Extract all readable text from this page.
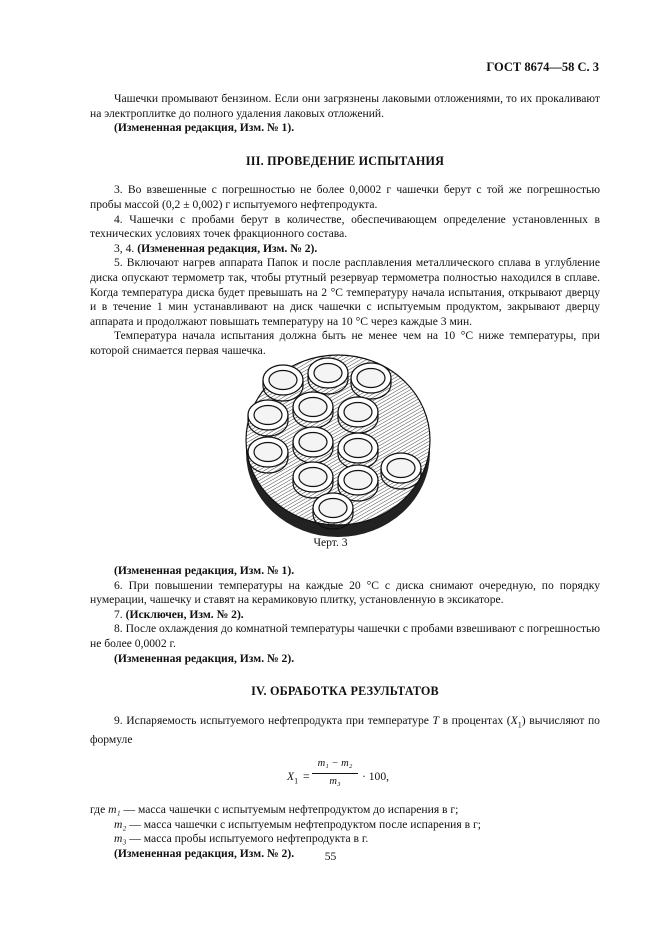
ГОСТ 8674—58 С. 3

Чашечки промывают бензином. Если они загрязнены лаковыми отложениями, то их прокаливают на электроплитке до полного удаления лаковых отложений.

(Измененная редакция, Изм. № 1).

III. ПРОВЕДЕНИЕ ИСПЫТАНИЯ

3. Во взвешенные с погрешностью не более 0,0002 г чашечки берут с той же погрешностью пробы массой (0,2 ± 0,002) г испытуемого нефтепродукта.

4. Чашечки с пробами берут в количестве, обеспечивающем определение установленных в технических условиях точек фракционного состава.

3, 4. (Измененная редакция, Изм. № 2).

5. Включают нагрев аппарата Папок и после расплавления металлического сплава в углубление диска опускают термометр так, чтобы ртутный резервуар термометра полностью находился в сплаве. Когда температура диска будет превышать на 2 °С температуру начала испытания, открывают дверцу и в течение 1 мин устанавливают на диск чашечки с испытуемым продуктом, закрывают дверцу аппарата и продолжают повышать температуру на 10 °С через каждые 3 мин.

Температура начала испытания должна быть не менее чем на 10 °С ниже температуры, при которой снимается первая чашечка.

Черт. 3

(Измененная редакция, Изм. № 1).

6. При повышении температуры на каждые 20 °С с диска снимают очередную, по порядку нумерации, чашечку и ставят на керамиковую плитку, установленную в эксикаторе.

7. (Исключен, Изм. № 2).

8. После охлаждения до комнатной температуры чашечки с пробами взвешивают с погрешностью не более 0,0002 г.

(Измененная редакция, Изм. № 2).

IV. ОБРАБОТКА РЕЗУЛЬТАТОВ

9. Испаряемость испытуемого нефтепродукта при температуре T в процентах $(X_1)$ вычисляют по формуле

$X_1$ =
m₁ − m₂
m₃	· 100,

где m₁ — масса чашечки с испытуемым нефтепродуктом до испарения в г;

m₂ — масса чашечки с испытуемым нефтепродуктом после испарения в г;

m₃ — масса пробы испытуемого нефтепродукта в г.

(Измененная редакция, Изм. № 2).	55
